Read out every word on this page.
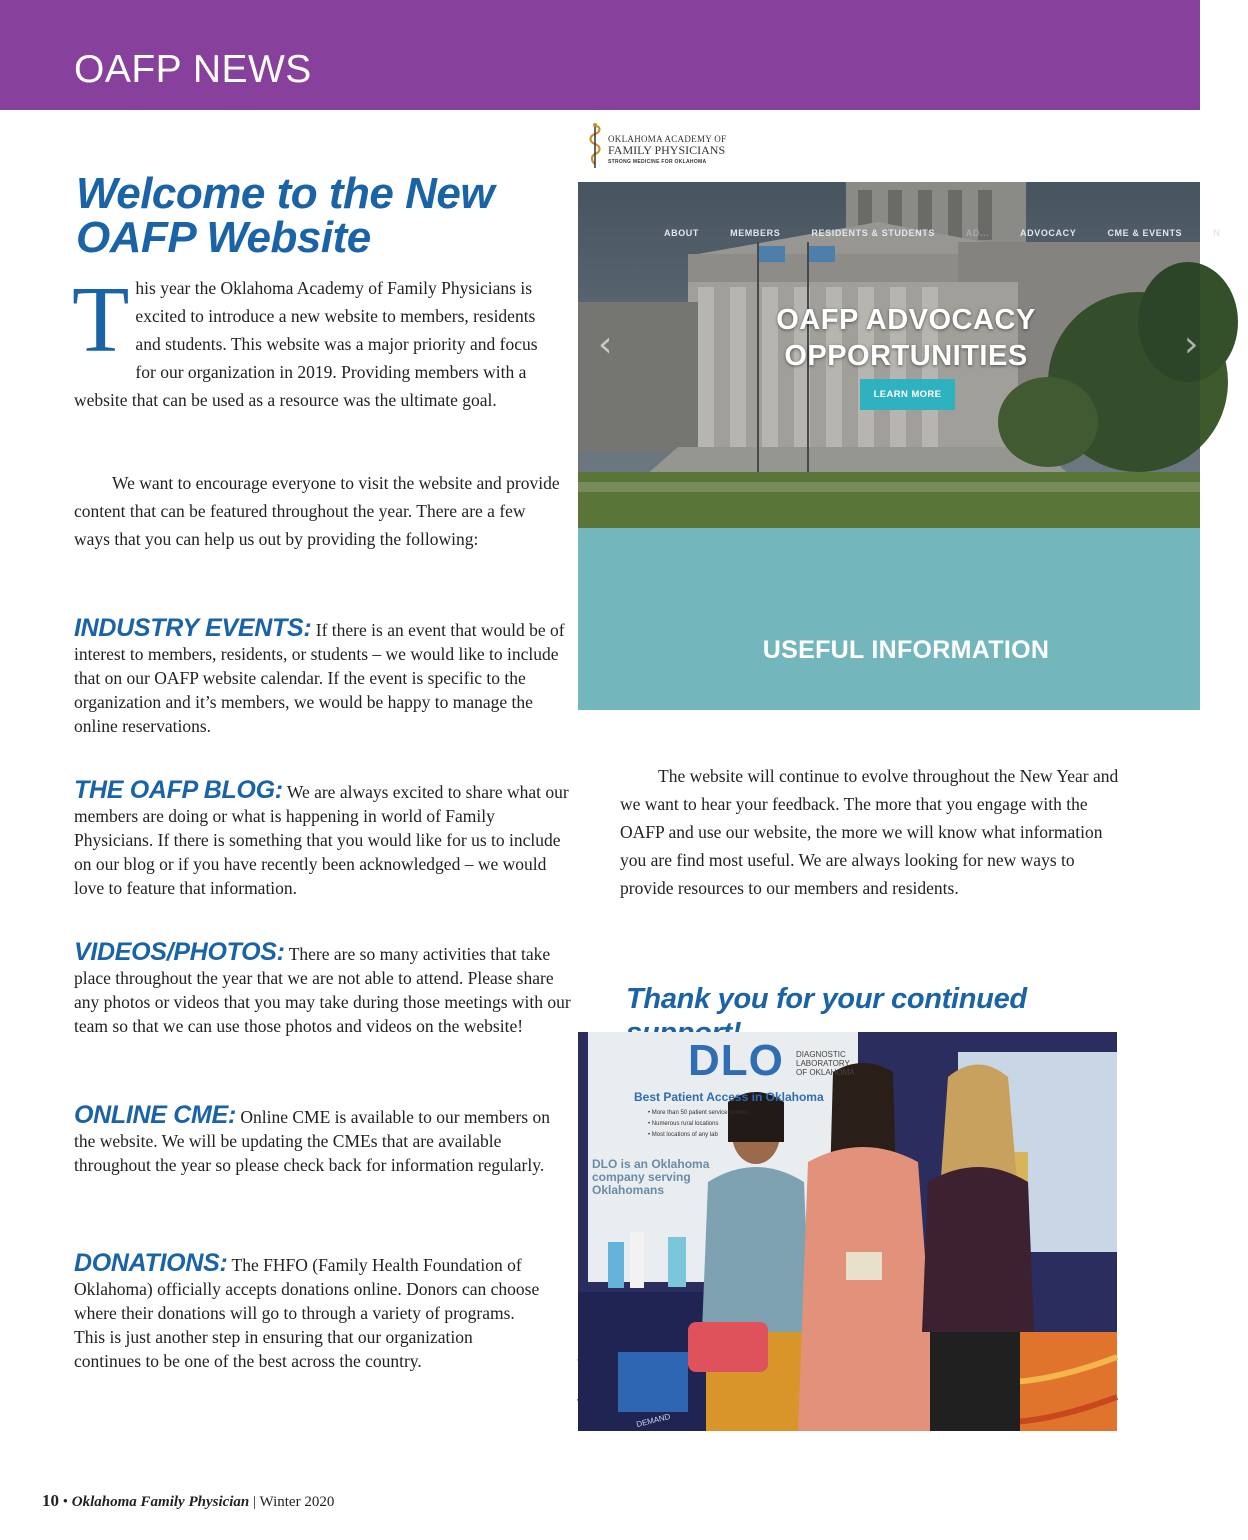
OAFP NEWS
Welcome to the New
OAFP Website
This year the Oklahoma Academy of Family Physicians is excited to introduce a new website to members, residents and students. This website was a major priority and focus for our organization in 2019. Providing members with a website that can be used as a resource was the ultimate goal.
We want to encourage everyone to visit the website and provide content that can be featured throughout the year. There are a few ways that you can help us out by providing the following:
INDUSTRY EVENTS: If there is an event that would be of interest to members, residents, or students – we would like to include that on our OAFP website calendar. If the event is specific to the organization and it’s members, we would be happy to manage the online reservations.
THE OAFP BLOG: We are always excited to share what our members are doing or what is happening in world of Family Physicians. If there is something that you would like for us to include on our blog or if you have recently been acknowledged – we would love to feature that information.
VIDEOS/PHOTOS: There are so many activities that take place throughout the year that we are not able to attend. Please share any photos or videos that you may take during those meetings with our team so that we can use those photos and videos on the website!
ONLINE CME: Online CME is available to our members on the website. We will be updating the CMEs that are available throughout the year so please check back for information regularly.
DONATIONS: The FHFO (Family Health Foundation of Oklahoma) officially accepts donations online. Donors can choose where their donations will go to through a variety of programs. This is just another step in ensuring that our organization continues to be one of the best across the country.
The website will continue to evolve throughout the New Year and we want to hear your feedback. The more that you engage with the OAFP and use our website, the more we will know what information you are find most useful. We are always looking for new ways to provide resources to our members and residents.
Thank you for your continued
OKLAHOMA ACADEMY OF
FAMILY PHYSICIANS
STRONG MEDICINE FOR OKLAHOMA
ABOUT	MEMBERS	RESIDENTS & STUDENTS	AD...	ADVOCACY	CME & EVENTS	N
‹	›
OAFP ADVOCACY
OPPORTUNITIES
LEARN MORE
USEFUL INFORMATION
DLO DIAGNOSTIC
LABORATORY
OF OKLAHOMA
Best Patient Access in Oklahoma
• More than 50 patient service centers
• Numerous rural locations
• Most locations of any lab
DLO is an Oklahoma
company serving
Oklahomans
DEMAND
10 • Oklahoma Family Physician | Winter 2020
